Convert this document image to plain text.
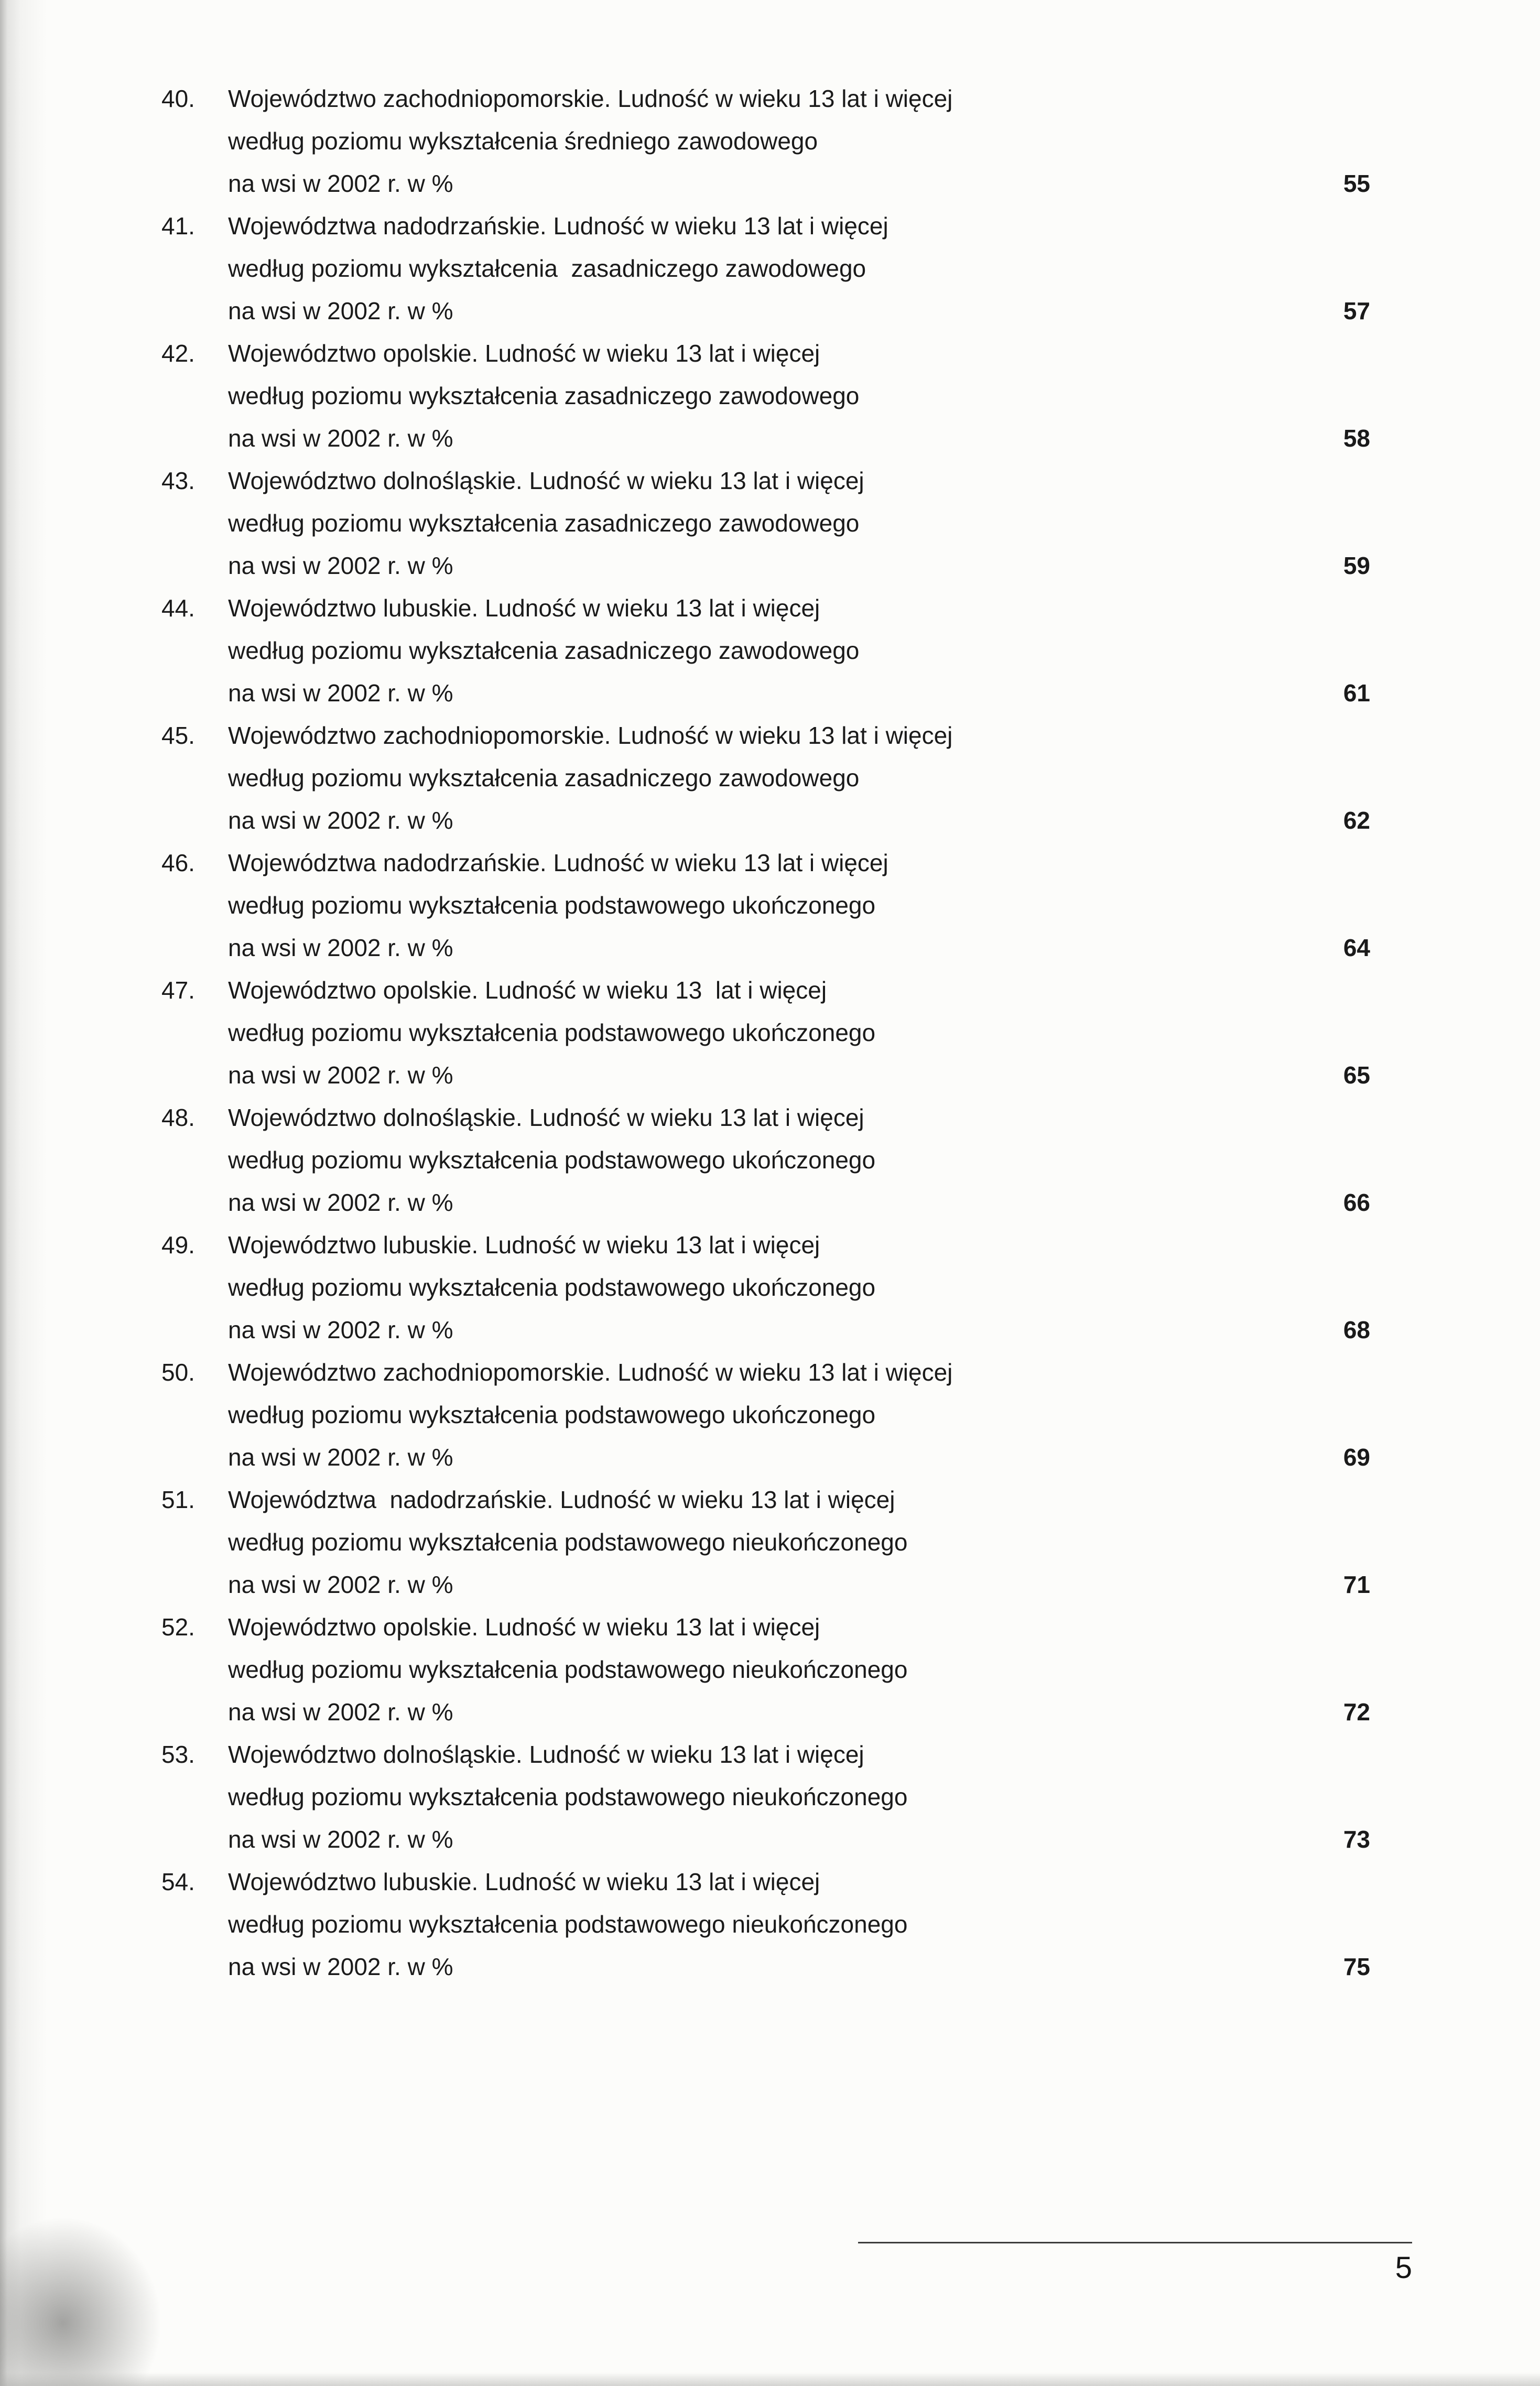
40.	Województwo zachodniopomorskie. Ludność w wieku 13 lat i więcej
według poziomu wykształcenia średniego zawodowego
na wsi w 2002 r. w %	55
41.	Województwa nadodrzańskie. Ludność w wieku 13 lat i więcej
według poziomu wykształcenia  zasadniczego zawodowego
na wsi w 2002 r. w %	57
42.	Województwo opolskie. Ludność w wieku 13 lat i więcej
według poziomu wykształcenia zasadniczego zawodowego
na wsi w 2002 r. w %	58
43.	Województwo dolnośląskie. Ludność w wieku 13 lat i więcej
według poziomu wykształcenia zasadniczego zawodowego
na wsi w 2002 r. w %	59
44.	Województwo lubuskie. Ludność w wieku 13 lat i więcej
według poziomu wykształcenia zasadniczego zawodowego
na wsi w 2002 r. w %	61
45.	Województwo zachodniopomorskie. Ludność w wieku 13 lat i więcej
według poziomu wykształcenia zasadniczego zawodowego
na wsi w 2002 r. w %	62
46.	Województwa nadodrzańskie. Ludność w wieku 13 lat i więcej
według poziomu wykształcenia podstawowego ukończonego
na wsi w 2002 r. w %	64
47.	Województwo opolskie. Ludność w wieku 13  lat i więcej
według poziomu wykształcenia podstawowego ukończonego
na wsi w 2002 r. w %	65
48.	Województwo dolnośląskie. Ludność w wieku 13 lat i więcej
według poziomu wykształcenia podstawowego ukończonego
na wsi w 2002 r. w %	66
49.	Województwo lubuskie. Ludność w wieku 13 lat i więcej
według poziomu wykształcenia podstawowego ukończonego
na wsi w 2002 r. w %	68
50.	Województwo zachodniopomorskie. Ludność w wieku 13 lat i więcej
według poziomu wykształcenia podstawowego ukończonego
na wsi w 2002 r. w %	69
51.	Województwa  nadodrzańskie. Ludność w wieku 13 lat i więcej
według poziomu wykształcenia podstawowego nieukończonego
na wsi w 2002 r. w %	71
52.	Województwo opolskie. Ludność w wieku 13 lat i więcej
według poziomu wykształcenia podstawowego nieukończonego
na wsi w 2002 r. w %	72
53.	Województwo dolnośląskie. Ludność w wieku 13 lat i więcej
według poziomu wykształcenia podstawowego nieukończonego
na wsi w 2002 r. w %	73
54.	Województwo lubuskie. Ludność w wieku 13 lat i więcej
według poziomu wykształcenia podstawowego nieukończonego
na wsi w 2002 r. w %	75
5
